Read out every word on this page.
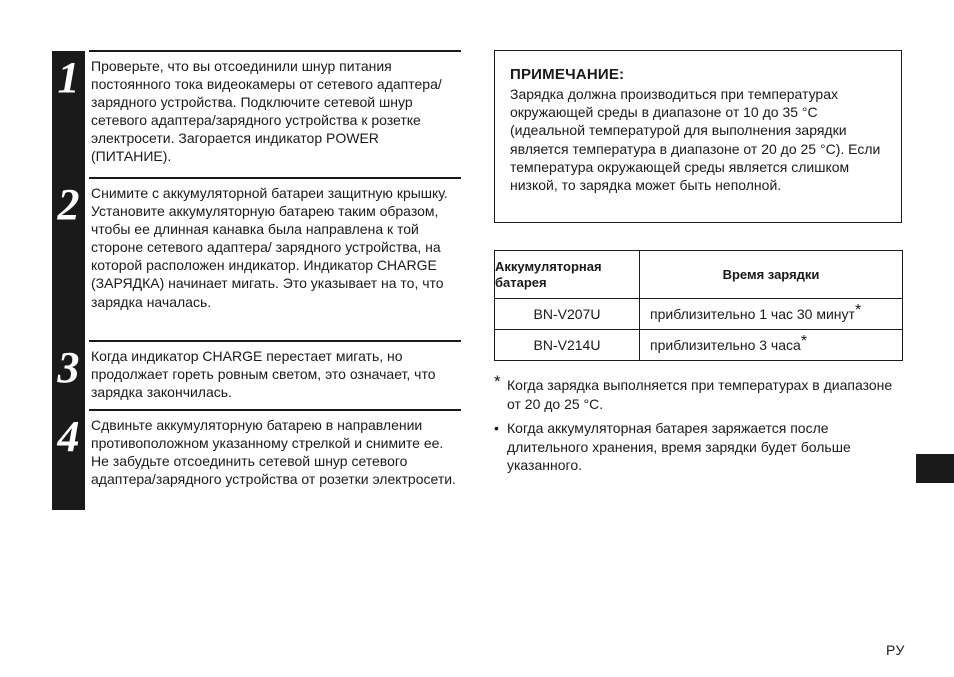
1 Проверьте, что вы отсоединили шнур питания постоянного тока видеокамеры от сетевого адаптера/зарядного устройства. Подключите сетевой шнур сетевого адаптера/зарядного устройства к розетке электросети. Загорается индикатор POWER (ПИТАНИЕ).

2 Снимите с аккумуляторной батареи защитную крышку. Установите аккумуляторную батарею таким образом, чтобы ее длинная канавка была направлена к той стороне сетевого адаптера/ зарядного устройства, на которой расположен индикатор. Индикатор CHARGE (ЗАРЯДКА) начинает мигать. Это указывает на то, что зарядка началась.

3 Когда индикатор CHARGE перестает мигать, но продолжает гореть ровным светом, это означает, что зарядка закончилась.

4 Сдвиньте аккумуляторную батарею в направлении противоположном указанному стрелкой и снимите ее. Не забудьте отсоединить сетевой шнур сетевого адаптера/зарядного устройства от розетки электросети.

ПРИМЕЧАНИЕ:

Зарядка должна производиться при температурах окружающей среды в диапазоне от 10 до 35 °C (идеальной температурой для выполнения зарядки является температура в диапазоне от 20 до 25 °C). Если температура окружающей среды является слишком низкой, то зарядка может быть неполной.

Аккумуляторная батарея	Время зарядки
BN-V207U	приблизительно 1 час 30 минут*
BN-V214U	приблизительно 3 часа*

* Когда зарядка выполняется при температурах в диапазоне от 20 до 25 °C.

• Когда аккумуляторная батарея заряжается после длительного хранения, время зарядки будет больше указанного.

РУ
